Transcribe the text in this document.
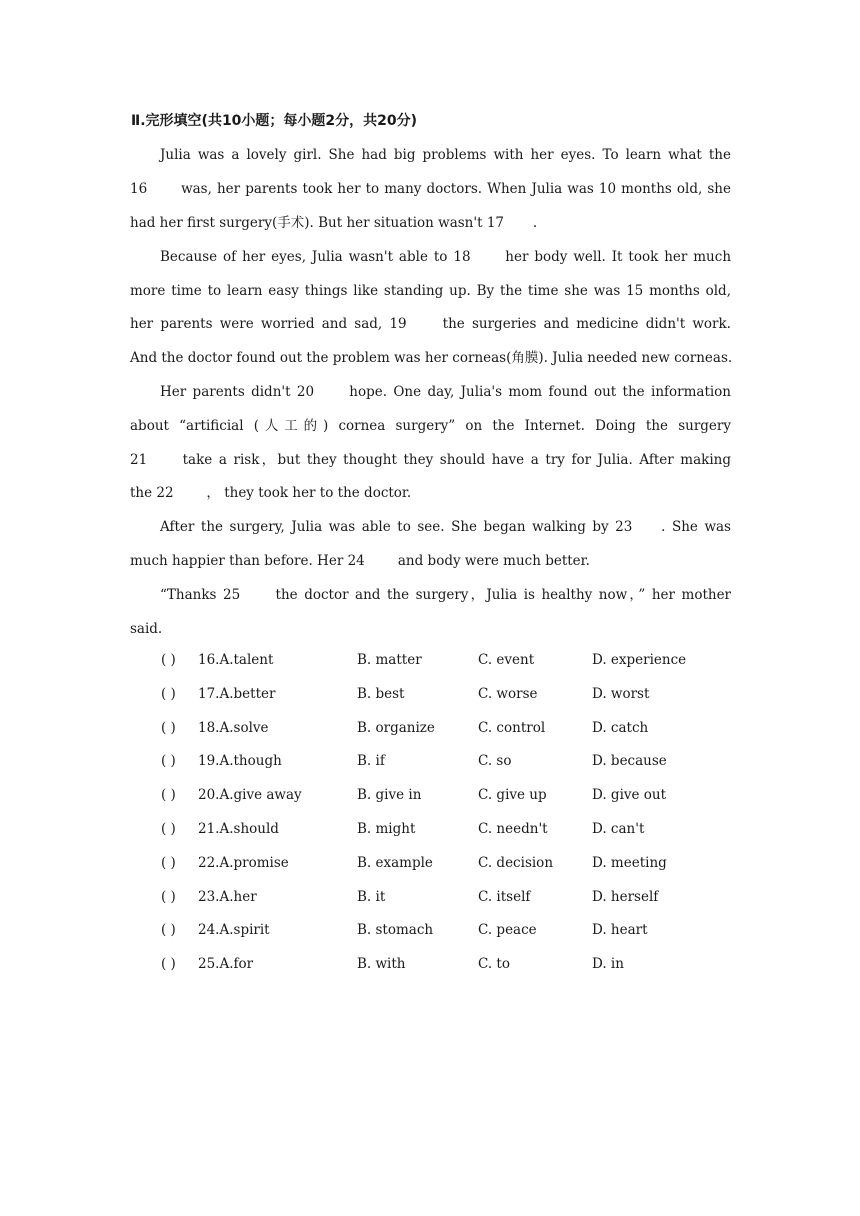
Ⅱ.完形填空(共10小题；每小题2分，共20分)
Julia was a lovely girl. She had big problems with her eyes. To learn what the
16	was, her parents took her to many doctors. When Julia was 10 months old, she
had her first surgery(手术). But her situation wasn't 17 .
Because of her eyes, Julia wasn't able to 18	her body well. It took her much
more time to learn easy things like standing up. By the time she was 15 months old,
her parents were worried and sad, 19	the surgeries and medicine didn't work.
And the doctor found out the problem was her corneas(角膜). Julia needed new corneas.
Her parents didn't 20	hope. One day, Julia's mom found out the information
about “artificial (人工的) cornea surgery” on the Internet. Doing the surgery
21	take a risk，but they thought they should have a try for Julia. After making
the 22 ， they took her to the doctor.
After the surgery, Julia was able to see. She began walking by 23 . She was
much happier than before. Her 24 and body were much better.
“Thanks 25	the doctor and the surgery，Julia is healthy now，” her mother
said.
( ) 16.A.talent	B. matter	C. event	D. experience
( ) 17.A.better	B. best	C. worse	D. worst
( ) 18.A.solve	B. organize	C. control	D. catch
( ) 19.A.though	B. if	C. so	D. because
( ) 20.A.give away	B. give in	C. give up	D. give out
( ) 21.A.should	B. might	C. needn't	D. can't
( ) 22.A.promise	B. example	C. decision	D. meeting
( ) 23.A.her	B. it	C. itself	D. herself
( ) 24.A.spirit	B. stomach	C. peace	D. heart
( ) 25.A.for	B. with	C. to	D. in
